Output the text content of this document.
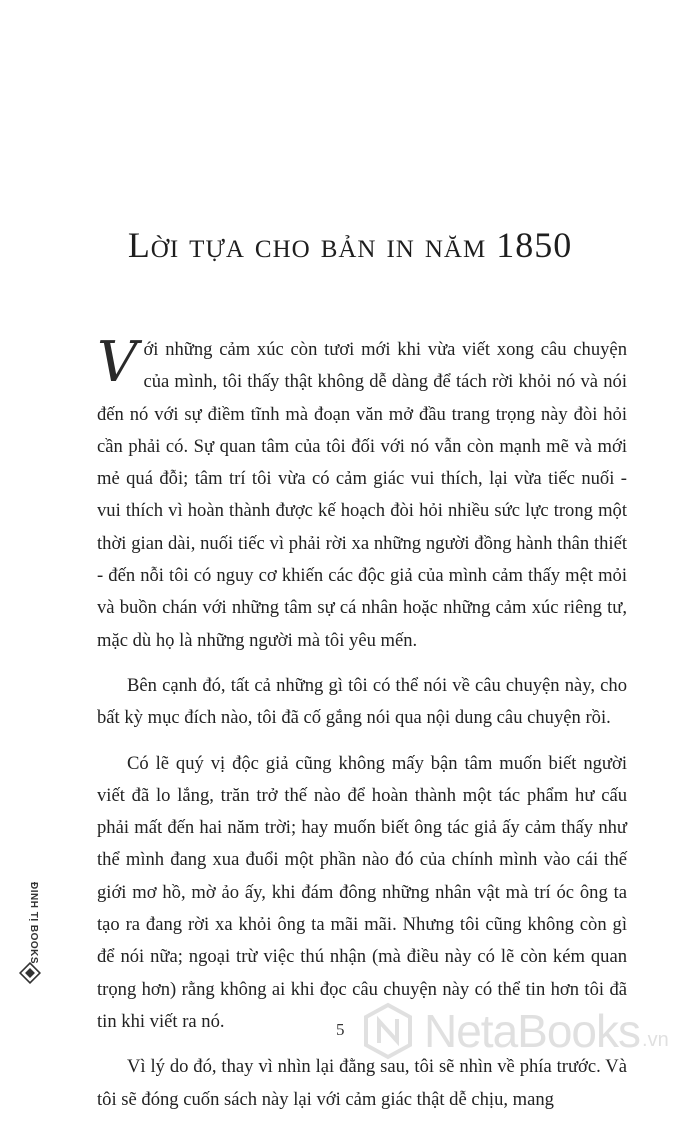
Lời tựa cho bản in năm 1850

Với những cảm xúc còn tươi mới khi vừa viết xong câu chuyện của mình, tôi thấy thật không dễ dàng để tách rời khỏi nó và nói đến nó với sự điềm tĩnh mà đoạn văn mở đầu trang trọng này đòi hỏi cần phải có. Sự quan tâm của tôi đối với nó vẫn còn mạnh mẽ và mới mẻ quá đỗi; tâm trí tôi vừa có cảm giác vui thích, lại vừa tiếc nuối - vui thích vì hoàn thành được kế hoạch đòi hỏi nhiều sức lực trong một thời gian dài, nuối tiếc vì phải rời xa những người đồng hành thân thiết - đến nỗi tôi có nguy cơ khiến các độc giả của mình cảm thấy mệt mỏi và buồn chán với những tâm sự cá nhân hoặc những cảm xúc riêng tư, mặc dù họ là những người mà tôi yêu mến.

Bên cạnh đó, tất cả những gì tôi có thể nói về câu chuyện này, cho bất kỳ mục đích nào, tôi đã cố gắng nói qua nội dung câu chuyện rồi.

Có lẽ quý vị độc giả cũng không mấy bận tâm muốn biết người viết đã lo lắng, trăn trở thế nào để hoàn thành một tác phẩm hư cấu phải mất đến hai năm trời; hay muốn biết ông tác giả ấy cảm thấy như thể mình đang xua đuổi một phần nào đó của chính mình vào cái thế giới mơ hồ, mờ ảo ấy, khi đám đông những nhân vật mà trí óc ông ta tạo ra đang rời xa khỏi ông ta mãi mãi. Nhưng tôi cũng không còn gì để nói nữa; ngoại trừ việc thú nhận (mà điều này có lẽ còn kém quan trọng hơn) rằng không ai khi đọc câu chuyện này có thể tin hơn tôi đã tin khi viết ra nó.

Vì lý do đó, thay vì nhìn lại đằng sau, tôi sẽ nhìn về phía trước. Và tôi sẽ đóng cuốn sách này lại với cảm giác thật dễ chịu, mang

ĐINH TỊ BOOKS
5 NetaBooks .vn
